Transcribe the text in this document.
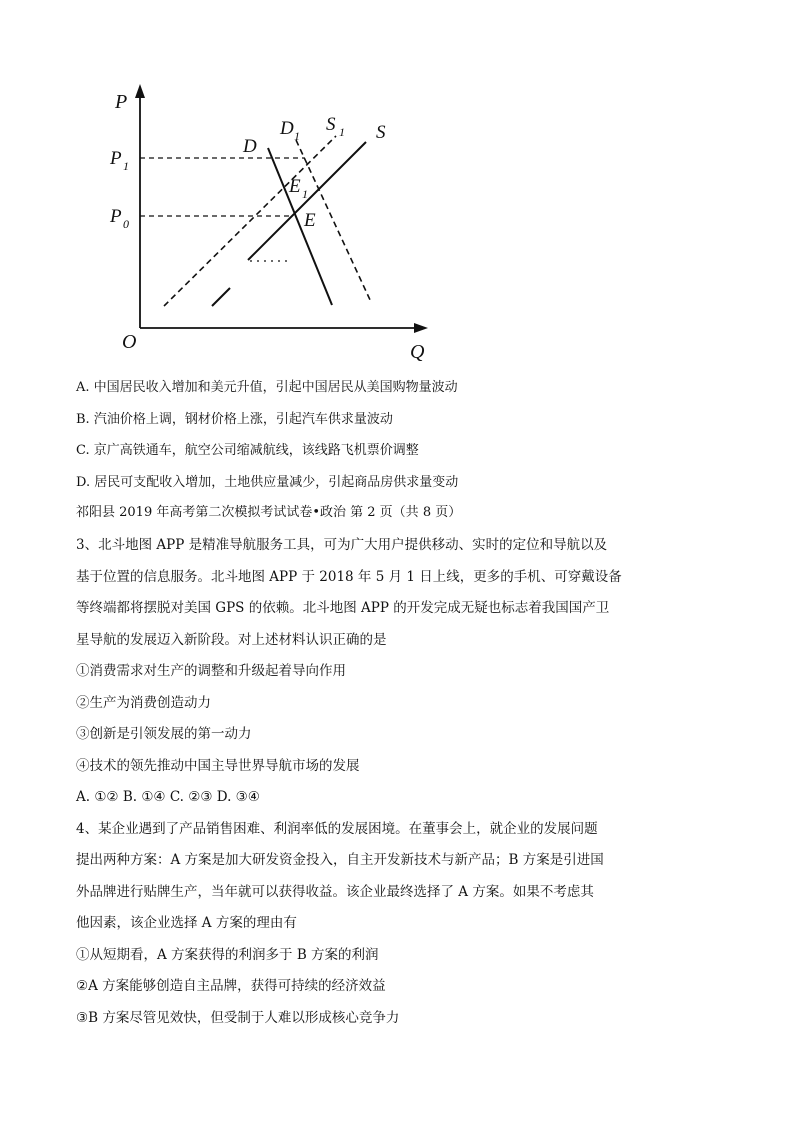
P
Q
O
P 1
P 0
D
D 1
S 1 S
E 1
E
A. 中国居民收入增加和美元升值，引起中国居民从美国购物量波动
B. 汽油价格上调，钢材价格上涨，引起汽车供求量波动
C. 京广高铁通车，航空公司缩减航线，该线路飞机票价调整
D. 居民可支配收入增加，土地供应量减少，引起商品房供求量变动
祁阳县 2019 年高考第二次模拟考试试卷•政治 第 2 页（共 8 页）
3、北斗地图 APP 是精准导航服务工具，可为广大用户提供移动、实时的定位和导航以及
基于位置的信息服务。北斗地图 APP 于 2018 年 5 月 1 日上线，更多的手机、可穿戴设备
等终端都将摆脱对美国 GPS 的依赖。北斗地图 APP 的开发完成无疑也标志着我国国产卫
星导航的发展迈入新阶段。对上述材料认识正确的是
①消费需求对生产的调整和升级起着导向作用
②生产为消费创造动力
③创新是引领发展的第一动力
④技术的领先推动中国主导世界导航市场的发展
A. ①② B. ①④ C. ②③ D. ③④
4、某企业遇到了产品销售困难、利润率低的发展困境。在董事会上，就企业的发展问题
提出两种方案：A 方案是加大研发资金投入，自主开发新技术与新产品；B 方案是引进国
外品牌进行贴牌生产，当年就可以获得收益。该企业最终选择了 A 方案。如果不考虑其
他因素，该企业选择 A 方案的理由有
①从短期看，A 方案获得的利润多于 B 方案的利润
②A 方案能够创造自主品牌，获得可持续的经济效益
③B 方案尽管见效快，但受制于人难以形成核心竞争力
